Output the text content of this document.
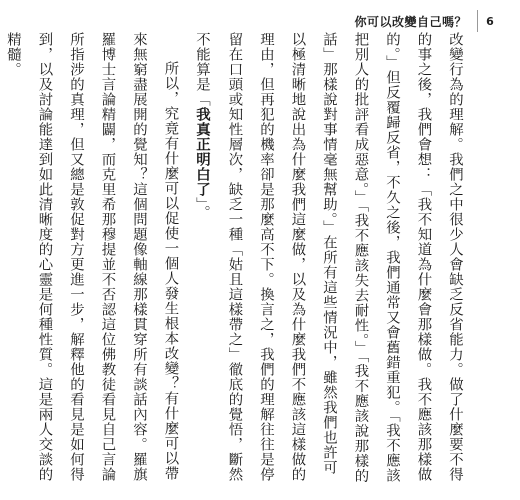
你可以改變自己嗎？	6

改變行為的理解。我們之中很少人會缺乏反省能力。做了什麼要不得的事之後，我們會想：「我不知道為什麼會那樣做。我不應該那樣做的。」但反覆歸反省，不久之後，我們通常又會舊錯重犯。「我不應該把別人的批評看成惡意。」「我不應該失去耐性。」「我不應該說那樣的話」那樣說對事情毫無幫助。」在所有這些情況中，雖然我們也許可以極清晰地說出為什麼我們這麼做，以及為什麼我們不應該這樣做的理由，但再犯的機率卻是那麼高不下。換言之，我們的理解往往是停留在口頭或知性層次，缺乏一種「姑且這樣帶之」徹底的覺悟，斷然不能算是「我真正明白了」。

所以，究竟有什麼可以促使一個人發生根本改變？有什麼可以帶來無窮盡展開的覺知？這個問題像軸線那樣貫穿所有談話內容。羅旗羅博士言論精闢，而克里希那穆提並不否認這位佛教徒看見自己言論所指涉的真理，但又總是敦促對方更進一步，解釋他的看見是如何得到，以及討論能達到如此清晰度的心靈是何種性質。這是兩人交談的精髓。
